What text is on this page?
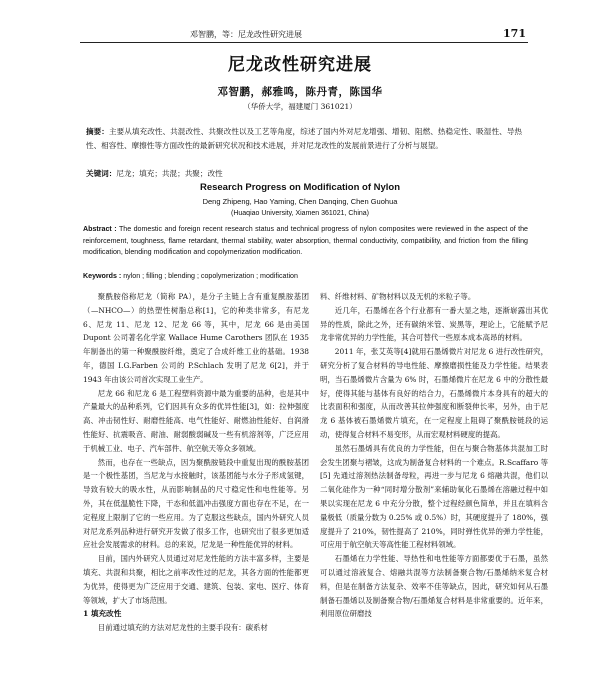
邓智鹏，等：尼龙改性研究进展	171
尼龙改性研究进展
邓智鹏，郝雅鸣，陈丹青，陈国华
（华侨大学，福建厦门 361021）
摘要：主要从填充改性、共混改性、共聚改性以及工艺等角度，综述了国内外对尼龙增强、增韧、阻燃、热稳定性、吸湿性、导热性、相容性、摩擦性等方面改性的最新研究状况和技术进展，并对尼龙改性的发展前景进行了分析与展望。
关键词：尼龙；填充；共混；共聚；改性
Research Progress on Modification of Nylon
Deng Zhipeng, Hao Yaming, Chen Danqing, Chen Guohua
(Huaqiao University, Xiamen 361021, China)
Abstract : The domestic and foreign recent research status and technical progress of nylon composites were reviewed in the aspect of the reinforcement, toughness, flame retardant, thermal stability, water absorption, thermal conductivity, compatibility, and friction from the filling modification, blending modification and copolymerization modification.
Keywords : nylon ; filling ; blending ; copolymerization ; modification

聚酰胺俗称尼龙（简称 PA），是分子主链上含有重复酰胺基团（—NHCO—）的热塑性树脂总称[1]，它的种类非常多，有尼龙 6、尼龙 11、尼龙 12、尼龙 66 等，其中，尼龙 66 是由美国 Dupont 公司著名化学家 Wallace Hume Carothers 团队在 1935 年制备出的第一种聚酰胺纤维，奠定了合成纤维工业的基础。1938 年，德国 I.G.Farben 公司的 P.Schlach 发明了尼龙 6[2]，并于 1943 年由该公司首次实现工业生产。

尼龙 66 和尼龙 6 是工程塑料资源中最为重要的品种，也是其中产量最大的品种系列，它们因具有众多的优异性能[3]，如：拉伸强度高、冲击韧性好、耐磨性能高、电气性能好、耐燃油性能好、自润滑性能好、抗震吸音、耐油、耐弱酸弱碱及一些有机溶剂等，广泛应用于机械工业、电子、汽车部件、航空航天等众多领域。

然而，也存在一些缺点，因为聚酰胺链段中重复出现的酰胺基团是一个极性基团，当尼龙与水接触时，该基团能与水分子形成氢键，导致有较大的吸水性，从而影响制品的尺寸稳定性和电性能等。另外，其在低温脆性下降，干态和低温冲击强度方面也存在不足，在一定程度上限制了它的一些应用。为了克服这些缺点，国内外研究人员对尼龙系列品种进行研究开发做了很多工作，也研究出了很多更加适应社会发展需求的材料。总的来说，尼龙是一种性能优异的材料。

目前，国内外研究人员通过对尼龙性能的方法丰富多样，主要是填充、共混和共聚，相比之前率改性过的尼龙，其各方面的性能都更为优异，使得更为广泛应用于交通、建筑、包装、家电、医疗、体育等领域，扩大了市场范围。

1 填充改性

目前通过填充的方法对尼龙性的主要手段有：碳系材

料、纤维材料、矿物材料以及无机的米粒子等。

近几年，石墨烯在各个行业都有一番大显之地，逐渐崭露出其优异的性质，除此之外，还有碳纳米管、炭黑等，理论上，它能赋予尼龙非常优异的力学性能，其合可替代一些原本成本高昂的材料。

2011 年，张艾英等[4]就用石墨烯微片对尼龙 6 进行改性研究，研究分析了复合材料的导电性能、摩擦磨损性能及力学性能。结果表明，当石墨烯微片含量为 6% 时，石墨烯微片在尼龙 6 中的分散性最好，使得其能与基体有良好的结合力，石墨烯微片本身具有的超大的比表面积和强度，从而改善其拉伸强度和断裂伸长率，另外，由于尼龙 6 基体被石墨烯微片填充，在一定程度上阻碍了聚酰胺链段的运动，使得复合材料不易变形，从而宏观材料硬度的提高。

虽然石墨烯具有优良的力学性能，但在与聚合物基体共混加工时会发生团聚与褶皱，这成为制备复合材料的一个难点。R.Scaffaro 等[5] 先通过溶剂热法制备母粒，再进一步与尼龙 6 熔融共混，他们以二氧化硅作为一种“同时增分散剂”来辅助氧化石墨烯在溶融过程中如果以实现在尼龙 6 中充分分散，整个过程经颜色简单，并且在填料含量极低（质量分数为 0.25% 或 0.5%）时，其硬度提升了 180%，强度提升了 210%，韧性提高了 210%，同时弹性优异的弹力学性能，可应用于航空航天等高性能工程材料领域。

石墨烯在力学性能、导热性和电性能等方面都要优于石墨，虽然可以通过溶液复合、熔融共混等方法制备聚合物/石墨烯纳米复合材料，但是在制备方法复杂、效率不佳等缺点，因此，研究如何从石墨制备石墨烯以及制备聚合物/石墨烯复合材料是非常重要的。近年来，利用原位研磨技
